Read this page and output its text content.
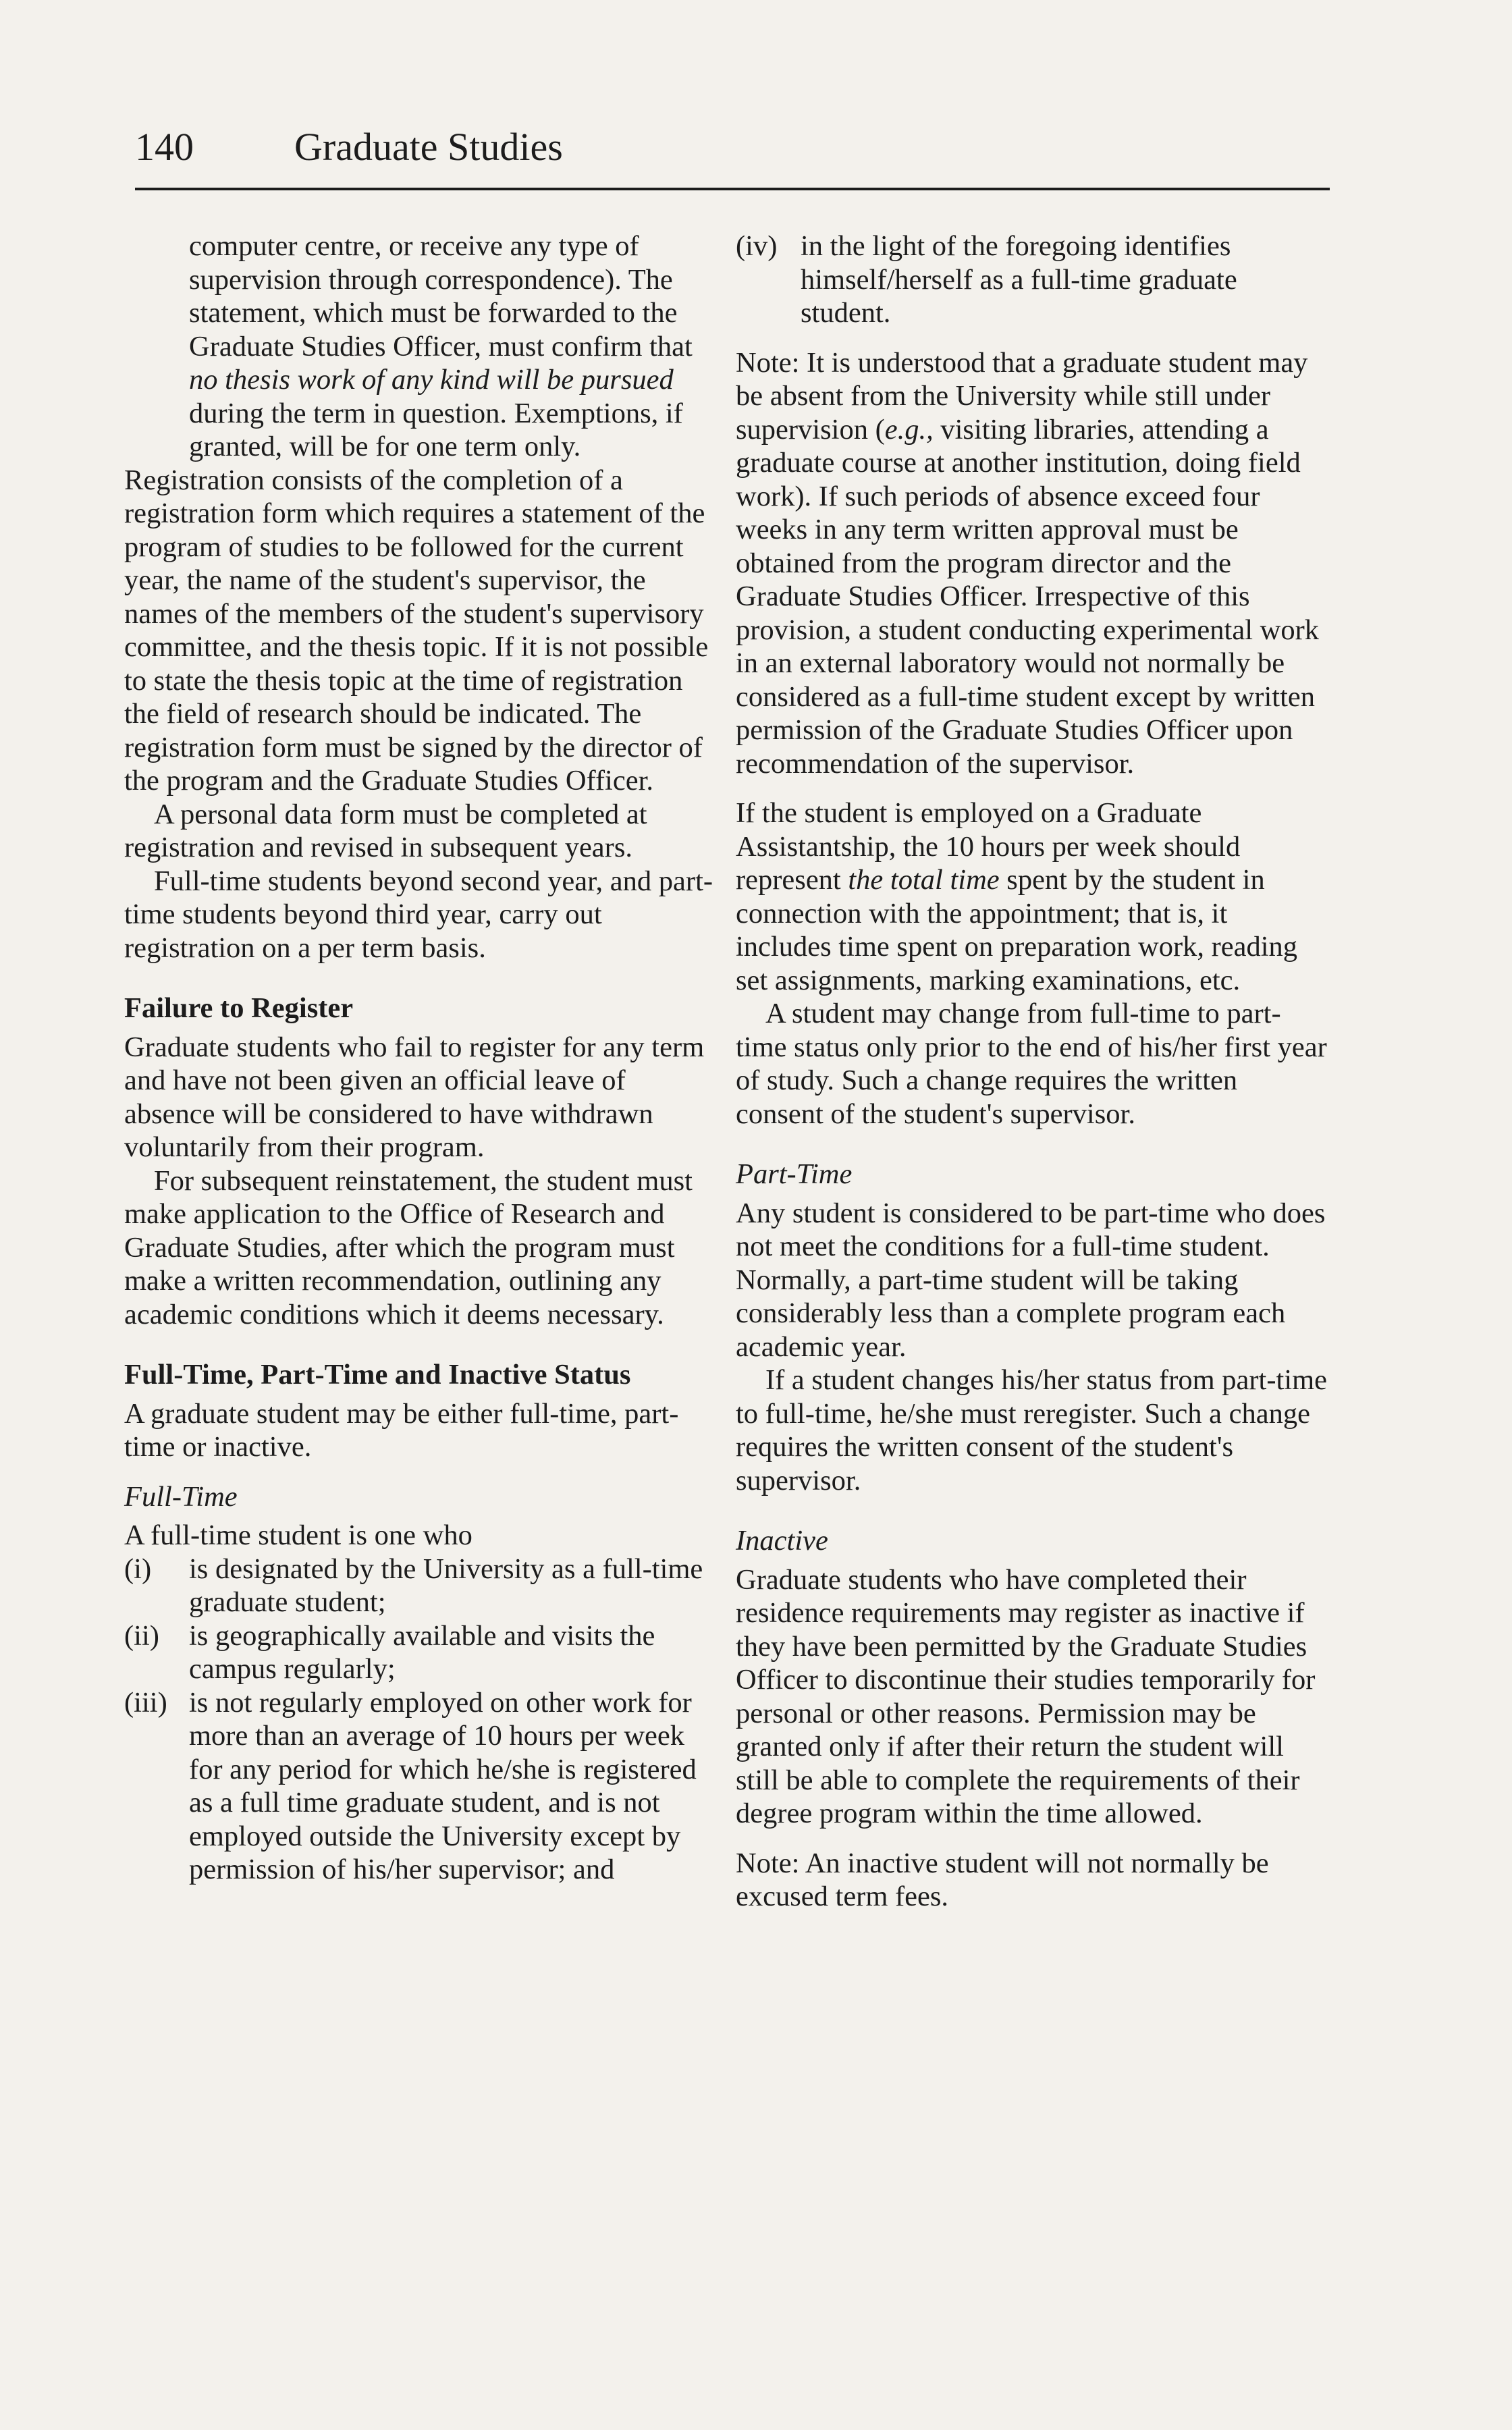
140	Graduate Studies

computer centre, or receive any type of supervision through correspondence). The statement, which must be forwarded to the Graduate Studies Officer, must confirm that no thesis work of any kind will be pursued during the term in question. Exemptions, if granted, will be for one term only.

Registration consists of the completion of a registration form which requires a statement of the program of studies to be followed for the current year, the name of the student's supervisor, the names of the members of the student's supervisory committee, and the thesis topic. If it is not possible to state the thesis topic at the time of registration the field of research should be indicated. The registration form must be signed by the director of the program and the Graduate Studies Officer.

A personal data form must be completed at registration and revised in subsequent years.

Full-time students beyond second year, and part-time students beyond third year, carry out registration on a per term basis.

Failure to Register

Graduate students who fail to register for any term and have not been given an official leave of absence will be considered to have withdrawn voluntarily from their program.

For subsequent reinstatement, the student must make application to the Office of Research and Graduate Studies, after which the program must make a written recommendation, outlining any academic conditions which it deems necessary.

Full-Time, Part-Time and Inactive Status

A graduate student may be either full-time, part-time or inactive.

Full-Time

A full-time student is one who

(i) is designated by the University as a full-time graduate student;
(ii) is geographically available and visits the campus regularly;
(iii) is not regularly employed on other work for more than an average of 10 hours per week for any period for which he/she is registered as a full time graduate student, and is not employed outside the University except by permission of his/her supervisor; and
(iv) in the light of the foregoing identifies himself/herself as a full-time graduate student.

Note: It is understood that a graduate student may be absent from the University while still under supervision (e.g., visiting libraries, attending a graduate course at another institution, doing field work). If such periods of absence exceed four weeks in any term written approval must be obtained from the program director and the Graduate Studies Officer. Irrespective of this provision, a student conducting experimental work in an external laboratory would not normally be considered as a full-time student except by written permission of the Graduate Studies Officer upon recommendation of the supervisor.

If the student is employed on a Graduate Assistantship, the 10 hours per week should represent the total time spent by the student in connection with the appointment; that is, it includes time spent on preparation work, reading set assignments, marking examinations, etc.

A student may change from full-time to part-time status only prior to the end of his/her first year of study. Such a change requires the written consent of the student's supervisor.

Part-Time

Any student is considered to be part-time who does not meet the conditions for a full-time student. Normally, a part-time student will be taking considerably less than a complete program each academic year.

If a student changes his/her status from part-time to full-time, he/she must reregister. Such a change requires the written consent of the student's supervisor.

Inactive

Graduate students who have completed their residence requirements may register as inactive if they have been permitted by the Graduate Studies Officer to discontinue their studies temporarily for personal or other reasons. Permission may be granted only if after their return the student will still be able to complete the requirements of their degree program within the time allowed.

Note: An inactive student will not normally be excused term fees.
